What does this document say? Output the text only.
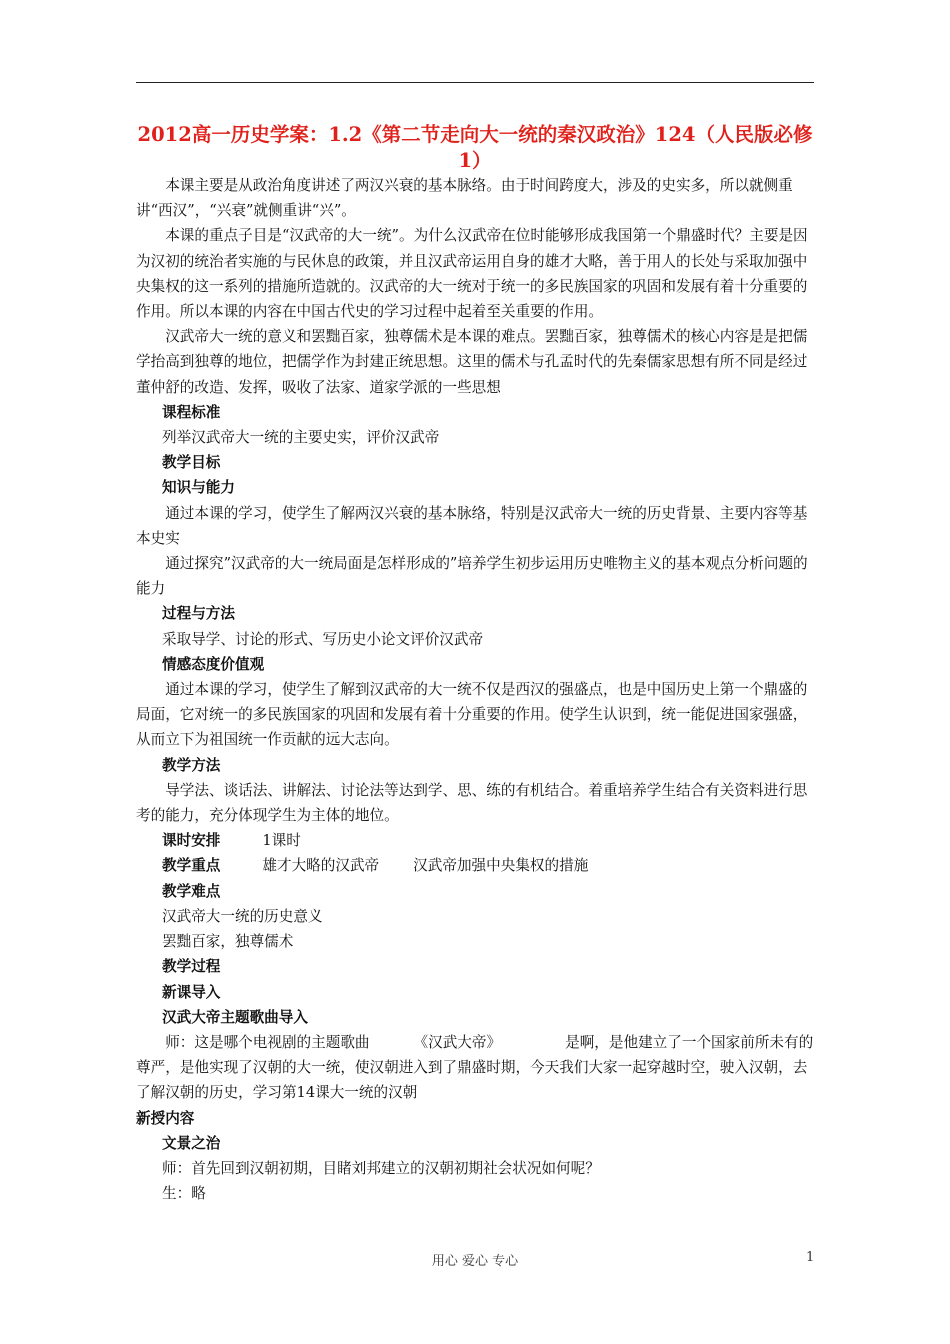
2012高一历史学案：1.2《第二节走向大一统的秦汉政治》124（人民版必修1）

本课主要是从政治角度讲述了两汉兴衰的基本脉络。由于时间跨度大，涉及的史实多，所以就侧重讲“西汉”，“兴衰”就侧重讲“兴”。

本课的重点子目是“汉武帝的大一统”。为什么汉武帝在位时能够形成我国第一个鼎盛时代？主要是因为汉初的统治者实施的与民休息的政策，并且汉武帝运用自身的雄才大略，善于用人的长处与采取加强中央集权的这一系列的措施所造就的。汉武帝的大一统对于统一的多民族国家的巩固和发展有着十分重要的作用。所以本课的内容在中国古代史的学习过程中起着至关重要的作用。

汉武帝大一统的意义和罢黜百家，独尊儒术是本课的难点。罢黜百家，独尊儒术的核心内容是是把儒学抬高到独尊的地位，把儒学作为封建正统思想。这里的儒术与孔孟时代的先秦儒家思想有所不同是经过董仲舒的改造、发挥，吸收了法家、道家学派的一些思想

课程标准

列举汉武帝大一统的主要史实，评价汉武帝

教学目标

知识与能力

通过本课的学习，使学生了解两汉兴衰的基本脉络，特别是汉武帝大一统的历史背景、主要内容等基本史实

通过探究”汉武帝的大一统局面是怎样形成的”培养学生初步运用历史唯物主义的基本观点分析问题的能力

过程与方法

采取导学、讨论的形式、写历史小论文评价汉武帝

情感态度价值观

通过本课的学习，使学生了解到汉武帝的大一统不仅是西汉的强盛点，也是中国历史上第一个鼎盛的局面，它对统一的多民族国家的巩固和发展有着十分重要的作用。使学生认识到，统一能促进国家强盛，从而立下为祖国统一作贡献的远大志向。

教学方法

导学法、谈话法、讲解法、讨论法等达到学、思、练的有机结合。着重培养学生结合有关资料进行思考的能力，充分体现学生为主体的地位。

课时安排	1课时

教学重点	雄才大略的汉武帝 汉武帝加强中央集权的措施

教学难点

汉武帝大一统的历史意义

罢黜百家，独尊儒术

教学过程

新课导入

汉武大帝主题歌曲导入

师：这是哪个电视剧的主题歌曲	《汉武大帝》	是啊，是他建立了一个国家前所未有的尊严，是他实现了汉朝的大一统，使汉朝进入到了鼎盛时期，今天我们大家一起穿越时空，驶入汉朝，去了解汉朝的历史，学习第14课大一统的汉朝

新授内容

文景之治

师：首先回到汉朝初期，目睹刘邦建立的汉朝初期社会状况如何呢？

生：略

用心 爱心 专心	1
